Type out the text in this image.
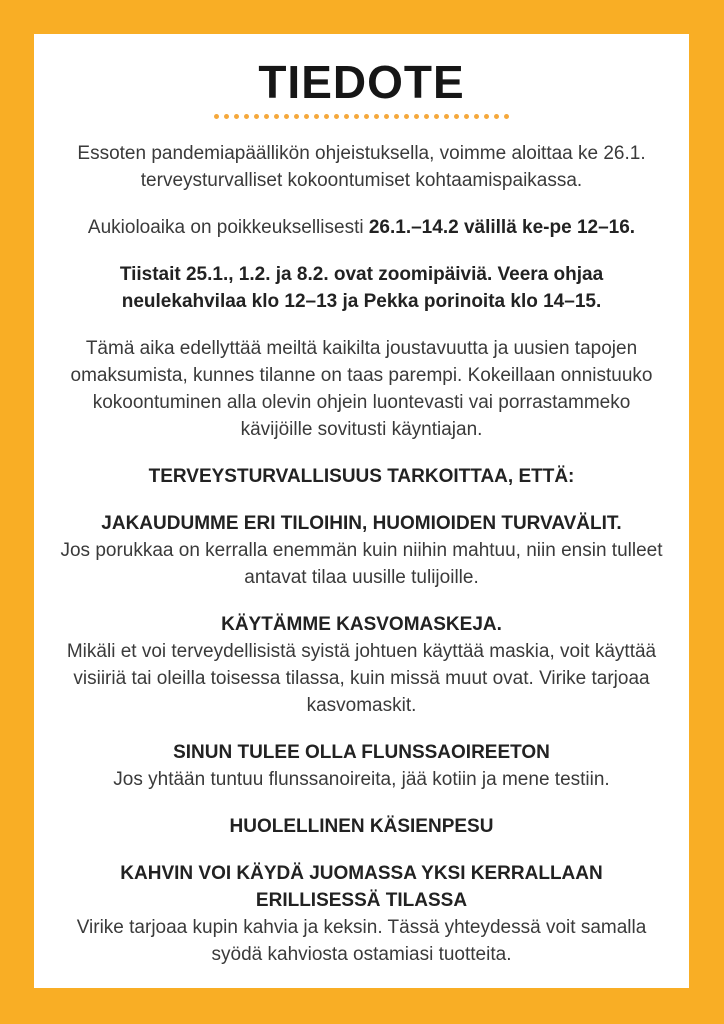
TIEDOTE

Essoten pandemiapäällikön ohjeistuksella, voimme aloittaa ke 26.1. terveysturvalliset kokoontumiset kohtaamispaikassa.

Aukioloaika on poikkeuksellisesti 26.1.–14.2 välillä ke-pe 12–16.

Tiistait 25.1., 1.2. ja 8.2. ovat zoomipäiviä. Veera ohjaa neulekahvilaa klo 12–13 ja Pekka porinoita klo 14–15.

Tämä aika edellyttää meiltä kaikilta joustavuutta ja uusien tapojen omaksumista, kunnes tilanne on taas parempi. Kokeillaan onnistuuko kokoontuminen alla olevin ohjein luontevasti vai porrastammeko kävijöille sovitusti käyntiajan.

TERVEYSTURVALLISUUS TARKOITTAA, ETTÄ:
JAKAUDUMME ERI TILOIHIN, HUOMIOIDEN TURVAVÄLIT.

Jos porukkaa on kerralla enemmän kuin niihin mahtuu, niin ensin tulleet antavat tilaa uusille tulijoille.

KÄYTÄMME KASVOMASKEJA.

Mikäli et voi terveydellisistä syistä johtuen käyttää maskia, voit käyttää visiiriä tai oleilla toisessa tilassa, kuin missä muut ovat. Virike tarjoaa kasvomaskit.

SINUN TULEE OLLA FLUNSSAOIREETON

Jos yhtään tuntuu flunssanoireita, jää kotiin ja mene testiin.

HUOLELLINEN KÄSIENPESU
KAHVIN VOI KÄYDÄ JUOMASSA YKSI KERRALLAAN ERILLISESSÄ TILASSA

Virike tarjoaa kupin kahvia ja keksin. Tässä yhteydessä voit samalla syödä kahviosta ostamiasi tuotteita.
